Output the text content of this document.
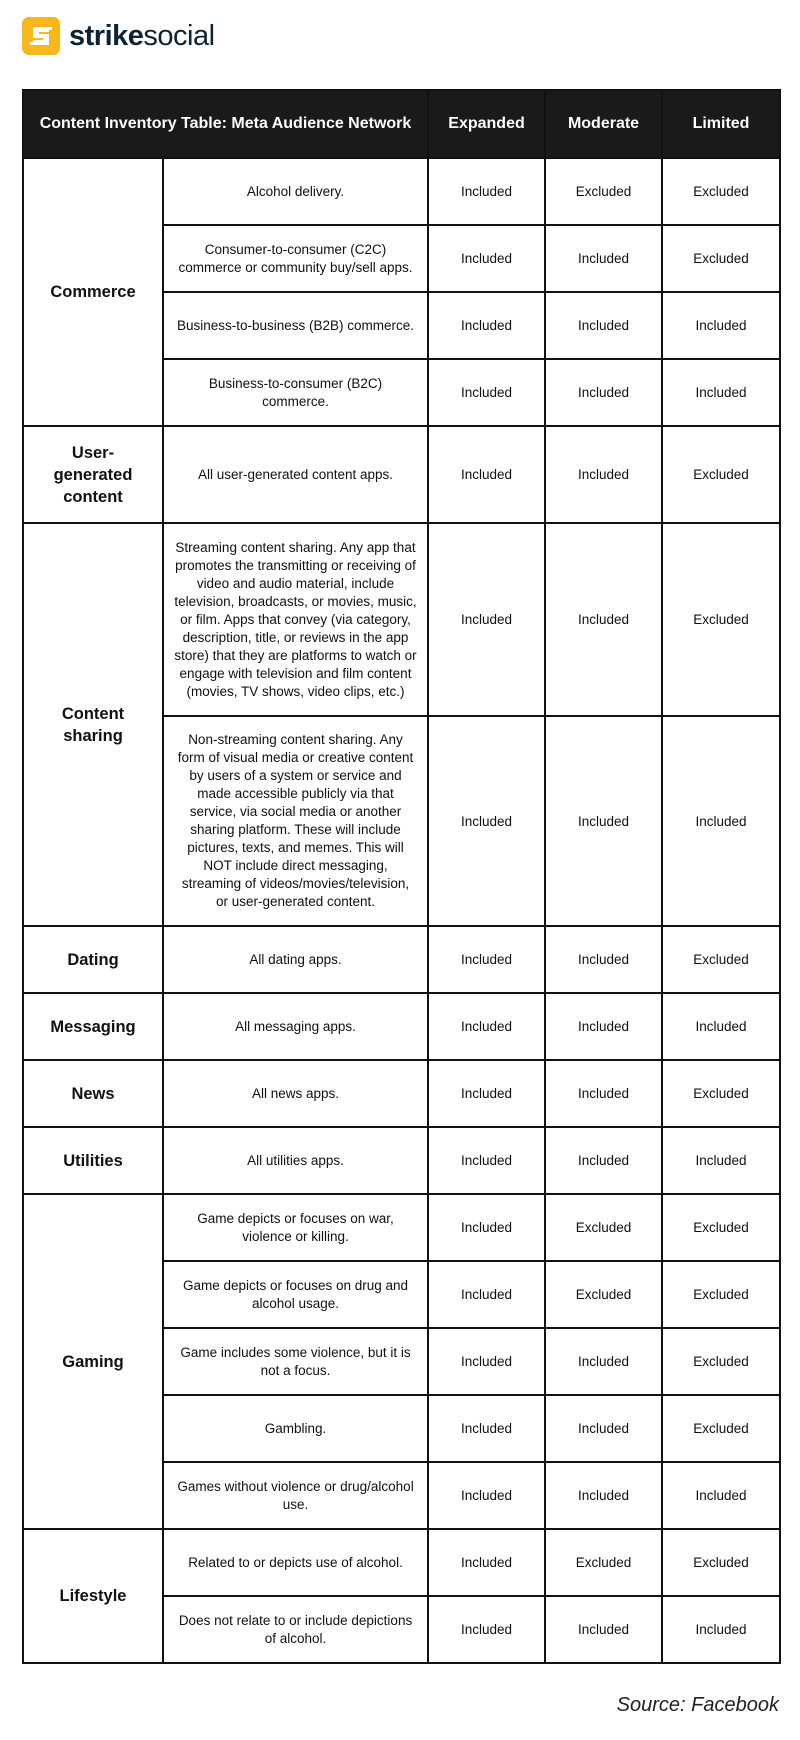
strikesocial
Content Inventory Table: Meta Audience Network		Expanded	Moderate	Limited
Commerce	Alcohol delivery.	Included	Excluded	Excluded
	Consumer-to-consumer (C2C) commerce or community buy/sell apps.	Included	Included	Excluded
	Business-to-business (B2B) commerce.	Included	Included	Included
	Business-to-consumer (B2C) commerce.	Included	Included	Included
User-generated content	All user-generated content apps.	Included	Included	Excluded
Content sharing	Streaming content sharing. Any app that promotes the transmitting or receiving of video and audio material, include television, broadcasts, or movies, music, or film. Apps that convey (via category, description, title, or reviews in the app store) that they are platforms to watch or engage with television and film content (movies, TV shows, video clips, etc.)	Included	Included	Excluded
	Non-streaming content sharing. Any form of visual media or creative content by users of a system or service and made accessible publicly via that service, via social media or another sharing platform. These will include pictures, texts, and memes. This will NOT include direct messaging, streaming of videos/movies/television, or user-generated content.	Included	Included	Included
Dating	All dating apps.	Included	Included	Excluded
Messaging	All messaging apps.	Included	Included	Included
News	All news apps.	Included	Included	Excluded
Utilities	All utilities apps.	Included	Included	Included
Gaming	Game depicts or focuses on war, violence or killing.	Included	Excluded	Excluded
	Game depicts or focuses on drug and alcohol usage.	Included	Excluded	Excluded
	Game includes some violence, but it is not a focus.	Included	Included	Excluded
	Gambling.	Included	Included	Excluded
	Games without violence or drug/alcohol use.	Included	Included	Included
Lifestyle	Related to or depicts use of alcohol.	Included	Excluded	Excluded
	Does not relate to or include depictions of alcohol.	Included	Included	Included
Source: Facebook
